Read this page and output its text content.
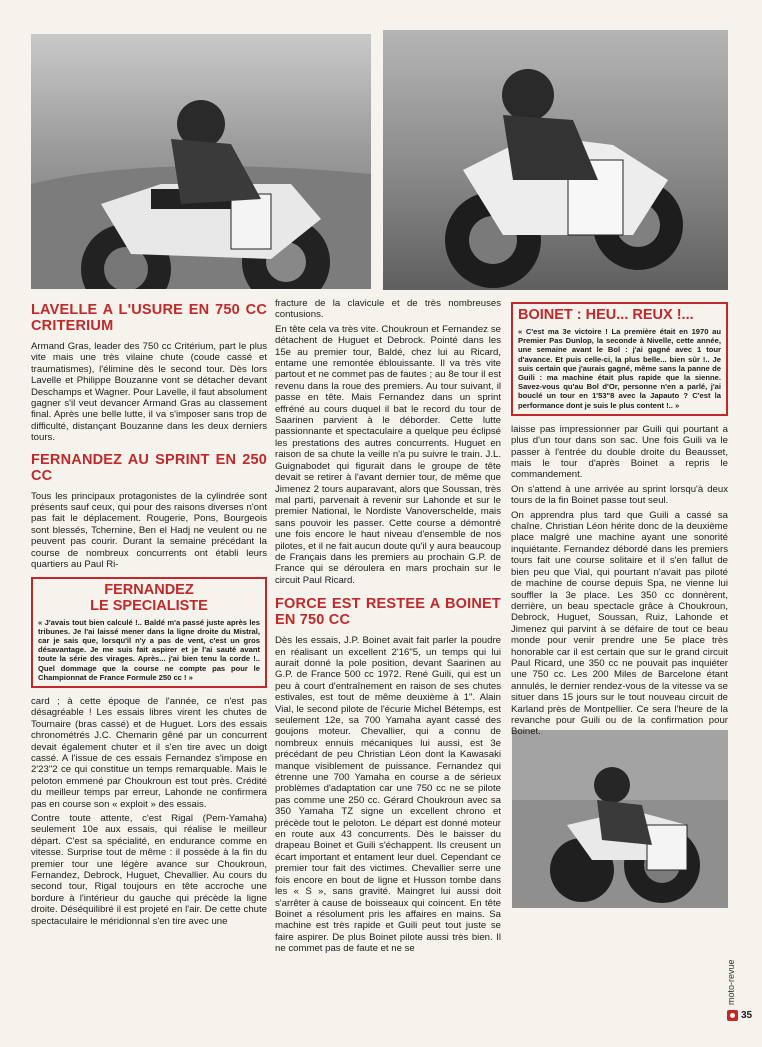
LAVELLE A L'USURE EN 750 CC CRITERIUM

Armand Gras, leader des 750 cc Critérium, part le plus vite mais une très vilaine chute (coude cassé et traumatismes), l'élimine dès le second tour. Dès lors Lavelle et Philippe Bouzanne vont se détacher devant Deschamps et Wagner. Pour Lavelle, il faut absolument gagner s'il veut devancer Armand Gras au classement final. Après une belle lutte, il va s'imposer sans trop de difficulté, distançant Bouzanne dans les deux derniers tours.

FERNANDEZ AU SPRINT EN 250 CC

Tous les principaux protagonistes de la cylindrée sont présents sauf ceux, qui pour des raisons diverses n'ont pas fait le déplacement. Rougerie, Pons, Bourgeois sont blessés, Tchernine, Ben el Hadj ne veulent ou ne peuvent pas courir. Durant la semaine précédant la course de nombreux concurrents ont établi leurs quartiers au Paul Ri-

FERNANDEZ
LE SPECIALISTE
« J'avais tout bien calculé !.. Baldé m'a passé juste après les tribunes. Je l'ai laissé mener dans la ligne droite du Mistral, car je sais que, lorsqu'il n'y a pas de vent, c'est un gros désavantage. Je me suis fait aspirer et je l'ai sauté avant toute la série des virages. Après... j'ai bien tenu la corde !.. Quel dommage que la course ne compte pas pour le Championnat de France Formule 250 cc ! »

card ; à cette époque de l'année, ce n'est pas désagréable ! Les essais libres virent les chutes de Tournaire (bras cassé) et de Huguet. Lors des essais chronométrés J.C. Chemarin gêné par un concurrent devait également chuter et il s'en tire avec un doigt cassé. A l'issue de ces essais Fernandez s'impose en 2'23"2 ce qui constitue un temps remarquable. Mais le peloton emmené par Choukroun est tout près. Crédité du meilleur temps par erreur, Lahonde ne confirmera pas en course son « exploit » des essais.

Contre toute attente, c'est Rigal (Pem-Yamaha) seulement 10e aux essais, qui réalise le meilleur départ. C'est sa spécialité, en endurance comme en vitesse. Surprise tout de même : il possède à la fin du premier tour une légère avance sur Choukroun, Fernandez, Debrock, Huguet, Chevallier. Au cours du second tour, Rigal toujours en tête accroche une bordure à l'intérieur du gauche qui précède la ligne droite. Déséquilibré il est projeté en l'air. De cette chute spectaculaire le méridionnal s'en tire avec une

fracture de la clavicule et de très nombreuses contusions.

En tête cela va très vite. Choukroun et Fernandez se détachent de Huguet et Debrock. Pointé dans les 15e au premier tour, Baldé, chez lui au Ricard, entame une remontée éblouissante. Il va très vite partout et ne commet pas de fautes ; au 8e tour il est revenu dans la roue des premiers. Au tour suivant, il passe en tête. Mais Fernandez dans un sprint effréné au cours duquel il bat le record du tour de Saarinen parvient à le déborder. Cette lutte passionnante et spectaculaire a quelque peu éclipsé les prestations des autres concurrents. Huguet en raison de sa chute la veille n'a pu suivre le train. J.L. Guignabodet qui figurait dans le groupe de tête devait se retirer à l'avant dernier tour, de même que Jimenez 2 tours auparavant, alors que Soussan, très mal parti, parvenait à revenir sur Lahonde et sur le premier National, le Nordiste Vanoverschelde, mais sans pouvoir les passer. Cette course a démontré une fois encore le haut niveau d'ensemble de nos pilotes, et il ne fait aucun doute qu'il y aura beaucoup de Français dans les premiers au prochain G.P. de France qui se déroulera en mars prochain sur le circuit Paul Ricard.

FORCE EST RESTEE A BOINET EN 750 CC

Dès les essais, J.P. Boinet avait fait parler la poudre en réalisant un excellent 2'16"5, un temps qui lui aurait donné la pole position, devant Saarinen au G.P. de France 500 cc 1972. René Guili, qui est un peu à court d'entraînement en raison de ses chutes estivales, est tout de même deuxième à 1". Alain Vial, le second pilote de l'écurie Michel Bétemps, est seulement 12e, sa 700 Yamaha ayant cassé des goujons moteur. Chevallier, qui a connu de nombreux ennuis mécaniques lui aussi, est 3e précédant de peu Christian Léon dont la Kawasaki manque visiblement de puissance. Fernandez qui étrenne une 700 Yamaha en course a de sérieux problèmes d'adaptation car une 750 cc ne se pilote pas comme une 250 cc. Gérard Choukroun avec sa 350 Yamaha TZ signe un excellent chrono et précède tout le peloton. Le départ est donné moteur en route aux 43 concurrents. Dès le baisser du drapeau Boinet et Guili s'échappent. Ils creusent un écart important et entament leur duel. Cependant ce premier tour fait des victimes. Chevallier serre une fois encore en bout de ligne et Husson tombe dans les « S », sans gravité. Maingret lui aussi doit s'arrêter à cause de boisseaux qui coincent. En tête Boinet a résolument pris les affaires en mains. Sa machine est très rapide et Guili peut tout juste se faire aspirer. De plus Boinet pilote aussi très bien. Il ne commet pas de faute et ne se

BOINET : HEU... REUX !...
« C'est ma 3e victoire ! La première était en 1970 au Premier Pas Dunlop, la seconde à Nivelle, cette année, une semaine avant le Bol : j'ai gagné avec 1 tour d'avance. Et puis celle-ci, la plus belle... bien sûr !.. Je suis certain que j'aurais gagné, même sans la panne de Guili : ma machine était plus rapide que la sienne. Savez-vous qu'au Bol d'Or, personne n'en a parlé, j'ai bouclé un tour en 1'53"8 avec la Japauto ? C'est la performance dont je suis le plus content !.. »

laisse pas impressionner par Guili qui pourtant a plus d'un tour dans son sac. Une fois Guili va le passer à l'entrée du double droite du Beausset, mais le tour d'après Boinet a repris le commandement.

On s'attend à une arrivée au sprint lorsqu'à deux tours de la fin Boinet passe tout seul.

On apprendra plus tard que Guili a cassé sa chaîne. Christian Léon hérite donc de la deuxième place malgré une machine ayant une sonorité inquiétante. Fernandez débordé dans les premiers tours fait une course solitaire et il s'en fallut de bien peu que Vial, qui pourtant n'avait pas piloté de machine de course depuis Spa, ne vienne lui souffler la 3e place. Les 350 cc donnèrent, derrière, un beau spectacle grâce à Choukroun, Debrock, Huguet, Soussan, Ruiz, Lahonde et Jimenez qui parvint à se défaire de tout ce beau monde pour venir prendre une 5e place très honorable car il est certain que sur le grand circuit Paul Ricard, une 350 cc ne pouvait pas inquiéter une 750 cc. Les 200 Miles de Barcelone étant annulés, le dernier rendez-vous de la vitesse va se situer dans 15 jours sur le tout nouveau circuit de Karland près de Montpellier. Ce sera l'heure de la revanche pour Guili ou de la confirmation pour Boinet.

moto-revue
35
